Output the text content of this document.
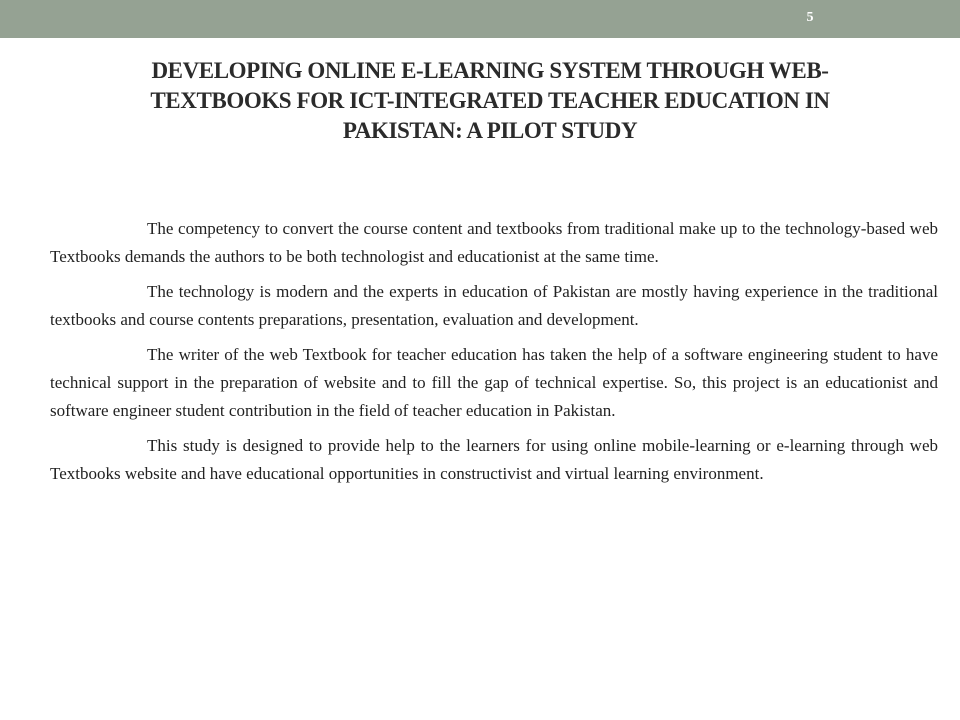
5
DEVELOPING ONLINE E-LEARNING SYSTEM THROUGH WEB-TEXTBOOKS FOR ICT-INTEGRATED TEACHER EDUCATION IN PAKISTAN: A PILOT STUDY

The competency to convert the course content and textbooks from traditional make up to the technology-based web Textbooks demands the authors to be both technologist and educationist at the same time.

The technology is modern and the experts in education of Pakistan are mostly having experience in the traditional textbooks and course contents preparations, presentation, evaluation and development.

The writer of the web Textbook for teacher education has taken the help of a software engineering student to have technical support in the preparation of website and to fill the gap of technical expertise. So, this project is an educationist and software engineer student contribution in the field of teacher education in Pakistan.

This study is designed to provide help to the learners for using online mobile-learning or e-learning through web Textbooks website and have educational opportunities in constructivist and virtual learning environment.
